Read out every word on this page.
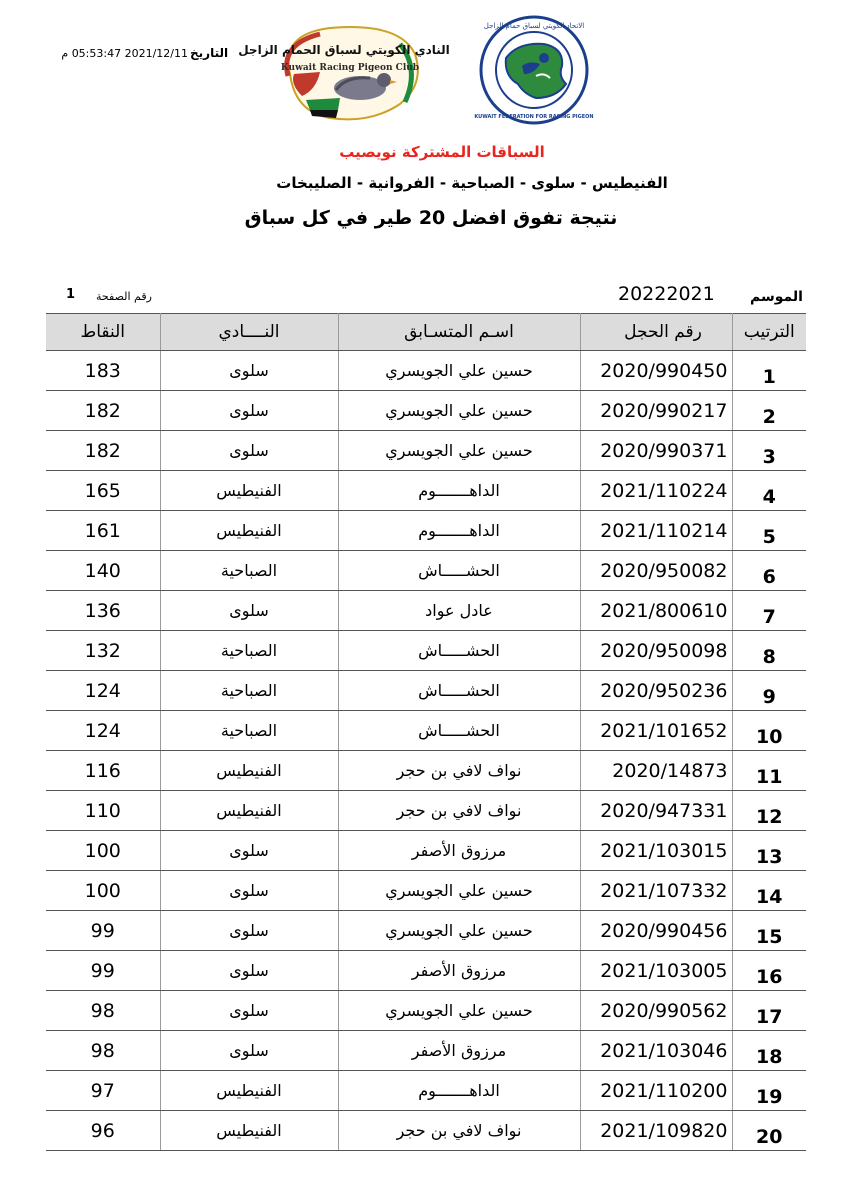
2021/12/11 05:53:47 م التاريخ النادي الكويتي لسباق الحمام الزاجل
Kuwait Racing Pigeon Club
الاتحاد الكويتي لسباق حمام الزاجل
KUWAIT FEDERATION FOR RACING PIGEON
السباقات المشتركة نويصيب
الفنيطيس - سلوى - الصباحية - الفروانية - الصليبخات
نتيجة تفوق افضل 20 طير في كل سباق
الموسم
20222021
رقم الصفحة
1
النقاط	النــــادي	اسـم المتسـابق	رقم الحجل	الترتيب
183	سلوى	حسين علي الجويسري	2020/990450	1
182	سلوى	حسين علي الجويسري	2020/990217	2
182	سلوى	حسين علي الجويسري	2020/990371	3
165	الفنيطيس	الداهـــــــوم	2021/110224	4
161	الفنيطيس	الداهـــــــوم	2021/110214	5
140	الصباحية	الحشـــــاش	2020/950082	6
136	سلوى	عادل عواد	2021/800610	7
132	الصباحية	الحشـــــاش	2020/950098	8
124	الصباحية	الحشـــــاش	2020/950236	9
124	الصباحية	الحشـــــاش	2021/101652	10
116	الفنيطيس	نواف لافي بن حجر	2020/14873	11
110	الفنيطيس	نواف لافي بن حجر	2020/947331	12
100	سلوى	مرزوق الأصفر	2021/103015	13
100	سلوى	حسين علي الجويسري	2021/107332	14
99	سلوى	حسين علي الجويسري	2020/990456	15
99	سلوى	مرزوق الأصفر	2021/103005	16
98	سلوى	حسين علي الجويسري	2020/990562	17
98	سلوى	مرزوق الأصفر	2021/103046	18
97	الفنيطيس	الداهـــــــوم	2021/110200	19
96	الفنيطيس	نواف لافي بن حجر	2021/109820	20
